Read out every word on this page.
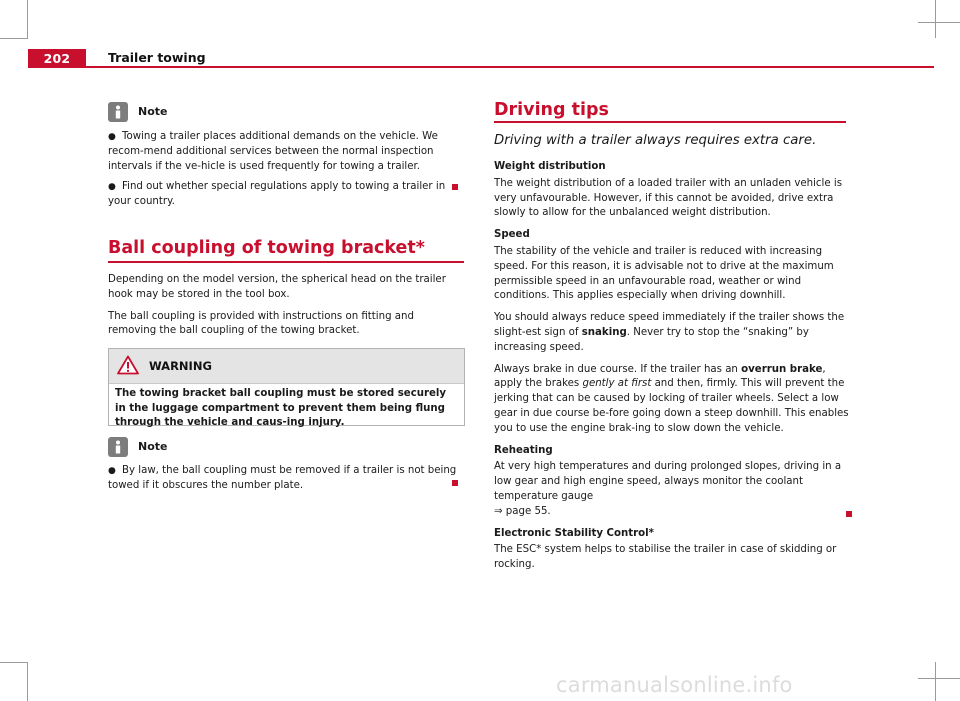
202	Trailer towing
Note

● Towing a trailer places additional demands on the vehicle. We recom-mend additional services between the normal inspection intervals if the ve-hicle is used frequently for towing a trailer.

● Find out whether special regulations apply to towing a trailer in your country.

Ball coupling of towing bracket*

Depending on the model version, the spherical head on the trailer hook may be stored in the tool box.

The ball coupling is provided with instructions on fitting and removing the ball coupling of the towing bracket.

WARNING
The towing bracket ball coupling must be stored securely in the luggage compartment to prevent them being flung through the vehicle and caus-ing injury.
Note

● By law, the ball coupling must be removed if a trailer is not being towed if it obscures the number plate.

Driving tips

Driving with a trailer always requires extra care.

Weight distribution

The weight distribution of a loaded trailer with an unladen vehicle is very unfavourable. However, if this cannot be avoided, drive extra slowly to allow for the unbalanced weight distribution.

Speed

The stability of the vehicle and trailer is reduced with increasing speed. For this reason, it is advisable not to drive at the maximum permissible speed in an unfavourable road, weather or wind conditions. This applies especially when driving downhill.

You should always reduce speed immediately if the trailer shows the slight-est sign of snaking. Never try to stop the “snaking” by increasing speed.

Always brake in due course. If the trailer has an overrun brake, apply the brakes gently at first and then, firmly. This will prevent the jerking that can be caused by locking of trailer wheels. Select a low gear in due course be-fore going down a steep downhill. This enables you to use the engine brak-ing to slow down the vehicle.

Reheating

At very high temperatures and during prolonged slopes, driving in a low gear and high engine speed, always monitor the coolant temperature gauge
⇒ page 55.

Electronic Stability Control*

The ESC* system helps to stabilise the trailer in case of skidding or rocking.

carmanualsonline.info
